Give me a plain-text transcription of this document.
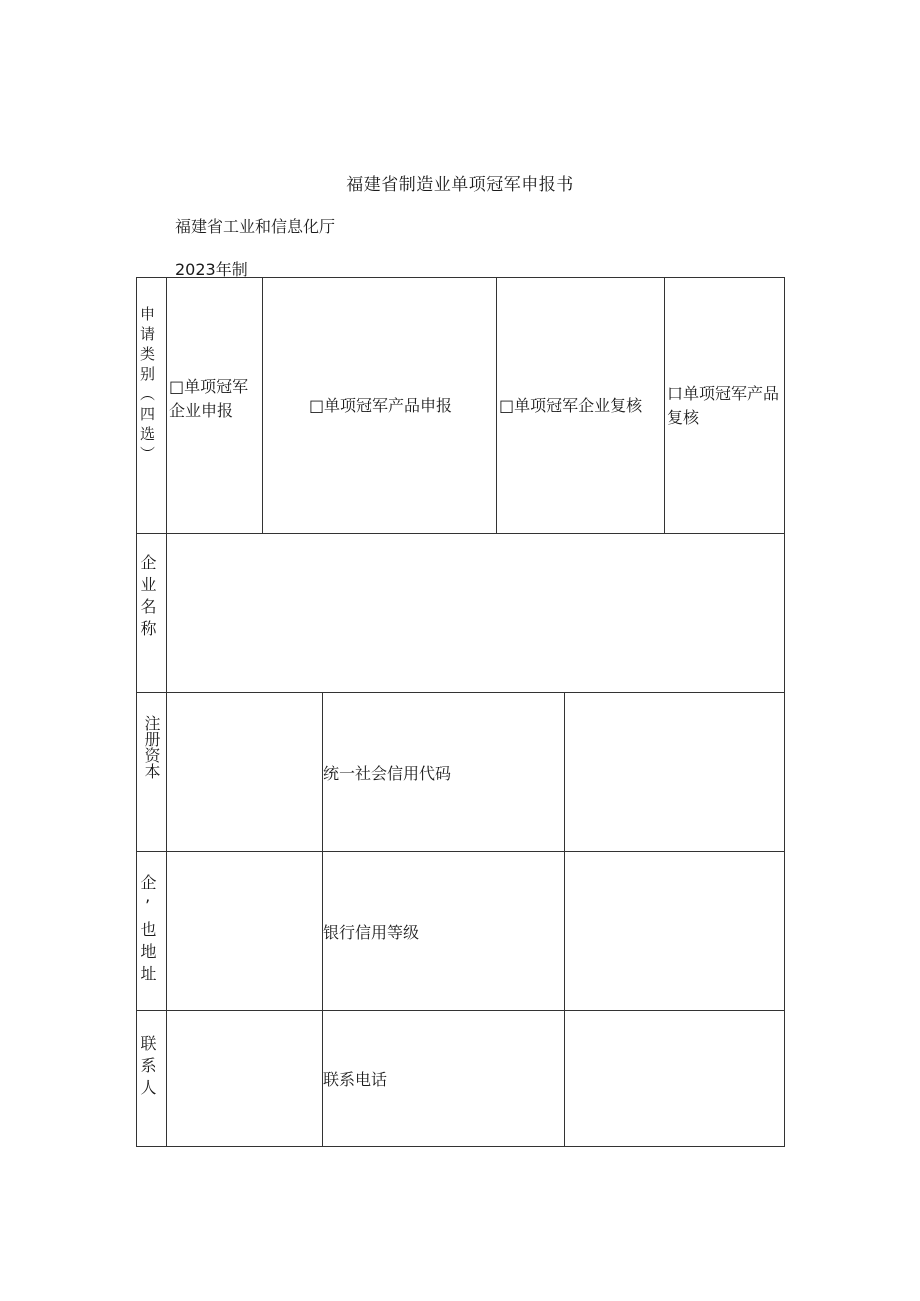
福建省制造业单项冠军申报书
福建省工业和信息化厅
2023年制
申请类别（四选）	□单项冠军企业申报	□单项冠军产品申报		□单项冠军企业复核		口单项冠军产品复核

企业名称						

注册资本			统一社会信用代码			

企’也地址			银行信用等级			

联系人			联系电话			
